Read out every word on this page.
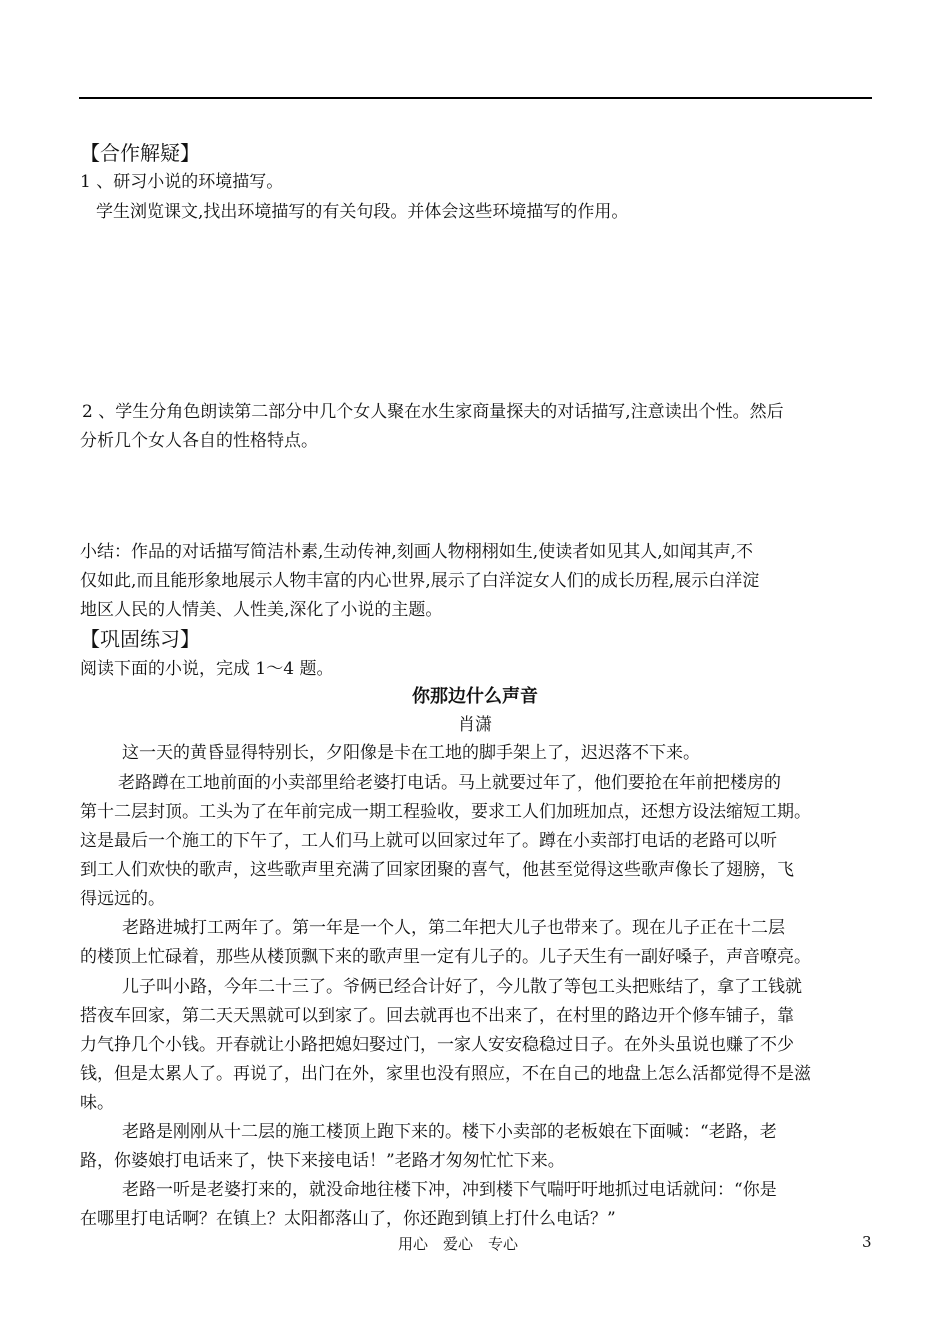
【合作解疑】
1 、研习小说的环境描写。
学生浏览课文,找出环境描写的有关句段。并体会这些环境描写的作用。
2 、学生分角色朗读第二部分中几个女人聚在水生家商量探夫的对话描写,注意读出个性。然后
分析几个女人各自的性格特点。
小结：作品的对话描写简洁朴素,生动传神,刻画人物栩栩如生,使读者如见其人,如闻其声,不
仅如此,而且能形象地展示人物丰富的内心世界,展示了白洋淀女人们的成长历程,展示白洋淀
地区人民的人情美、人性美,深化了小说的主题。
【巩固练习】
阅读下面的小说，完成 1～4 题。
你那边什么声音
肖潇
这一天的黄昏显得特别长，夕阳像是卡在工地的脚手架上了，迟迟落不下来。
老路蹲在工地前面的小卖部里给老婆打电话。马上就要过年了，他们要抢在年前把楼房的
第十二层封顶。工头为了在年前完成一期工程验收，要求工人们加班加点，还想方设法缩短工期。
这是最后一个施工的下午了，工人们马上就可以回家过年了。蹲在小卖部打电话的老路可以听
到工人们欢快的歌声，这些歌声里充满了回家团聚的喜气，他甚至觉得这些歌声像长了翅膀，飞
得远远的。
老路进城打工两年了。第一年是一个人，第二年把大儿子也带来了。现在儿子正在十二层
的楼顶上忙碌着，那些从楼顶飘下来的歌声里一定有儿子的。儿子天生有一副好嗓子，声音嘹亮。
儿子叫小路，今年二十三了。爷俩已经合计好了，今儿散了等包工头把账结了，拿了工钱就
搭夜车回家，第二天天黑就可以到家了。回去就再也不出来了，在村里的路边开个修车铺子，靠
力气挣几个小钱。开春就让小路把媳妇娶过门，一家人安安稳稳过日子。在外头虽说也赚了不少
钱，但是太累人了。再说了，出门在外，家里也没有照应，不在自己的地盘上怎么活都觉得不是滋
味。
老路是刚刚从十二层的施工楼顶上跑下来的。楼下小卖部的老板娘在下面喊：“老路，老
路，你婆娘打电话来了，快下来接电话！”老路才匆匆忙忙下来。
老路一听是老婆打来的，就没命地往楼下冲，冲到楼下气喘吁吁地抓过电话就问：“你是
在哪里打电话啊？在镇上？太阳都落山了，你还跑到镇上打什么电话？”
用心　爱心　专心	3
